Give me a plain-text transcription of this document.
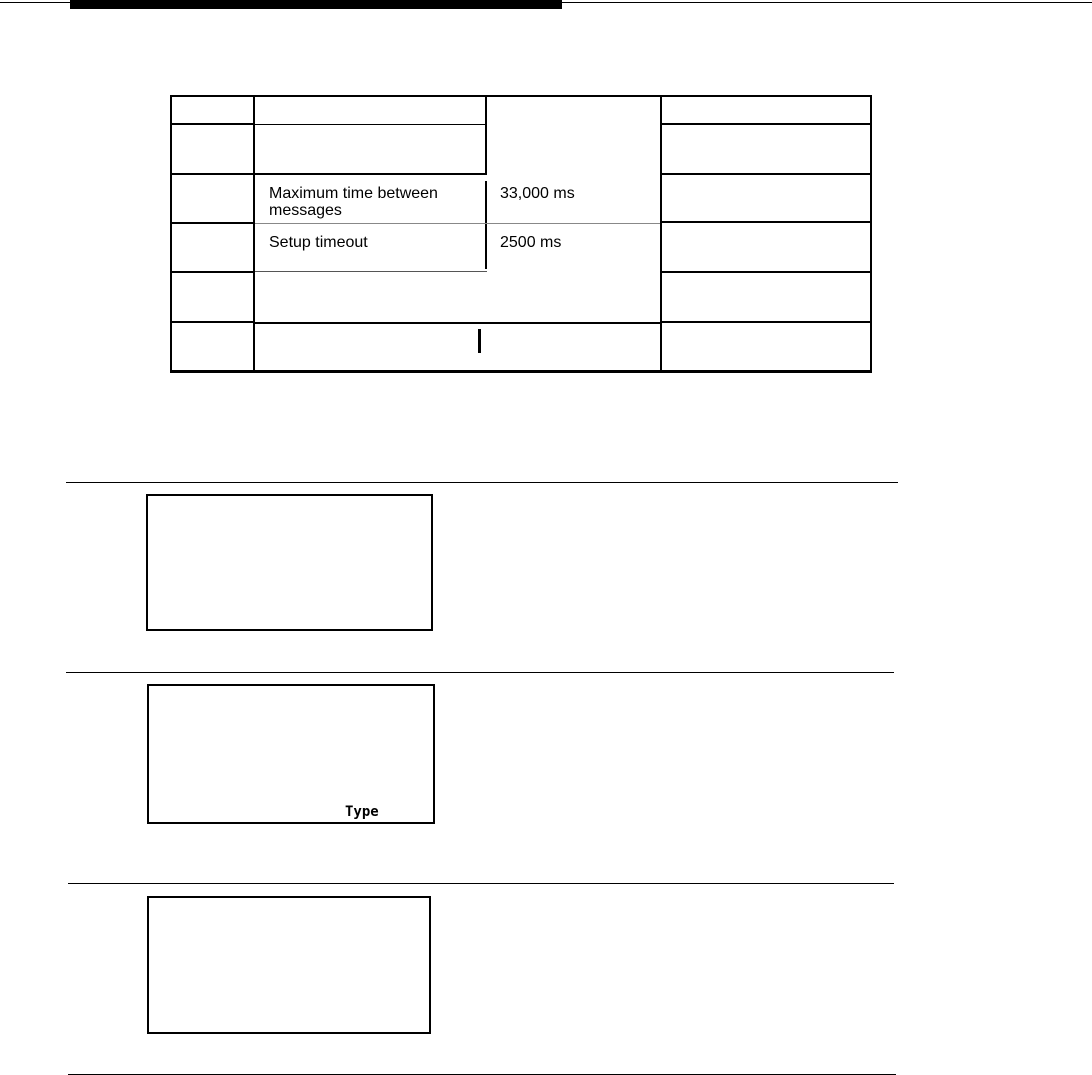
Maximum time between
messages
33,000 ms
Setup timeout	2500 ms
Type
